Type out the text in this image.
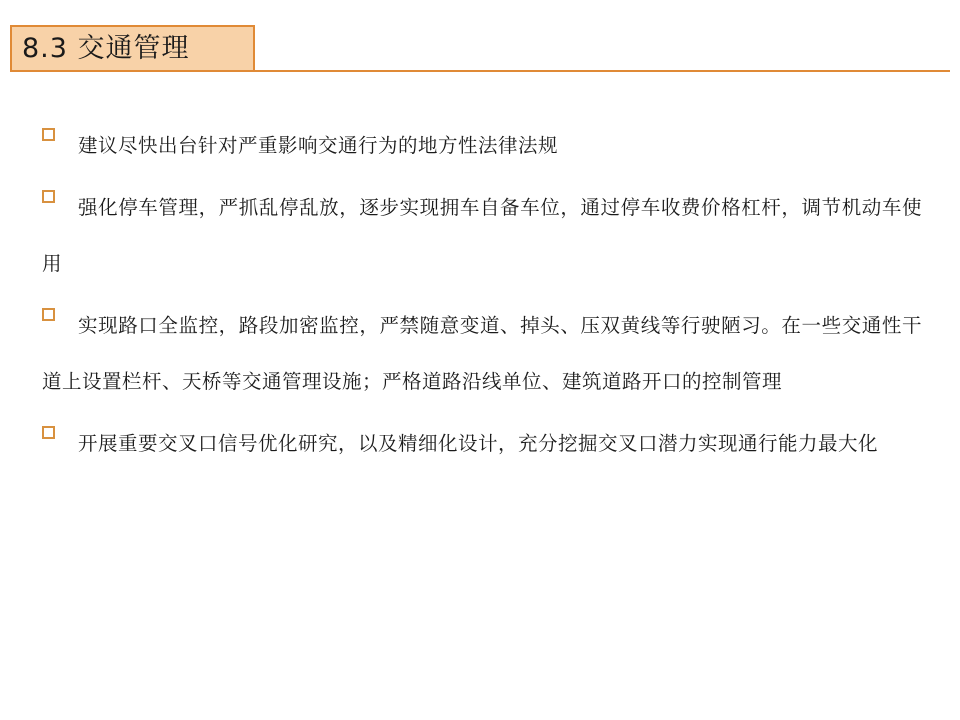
8.3 交通管理
建议尽快出台针对严重影响交通行为的地方性法律法规
强化停车管理，严抓乱停乱放，逐步实现拥车自备车位，通过停车收费价格杠杆，调节机动车使用
实现路口全监控，路段加密监控，严禁随意变道、掉头、压双黄线等行驶陋习。在一些交通性干道上设置栏杆、天桥等交通管理设施；严格道路沿线单位、建筑道路开口的控制管理
开展重要交叉口信号优化研究，以及精细化设计，充分挖掘交叉口潜力实现通行能力最大化
